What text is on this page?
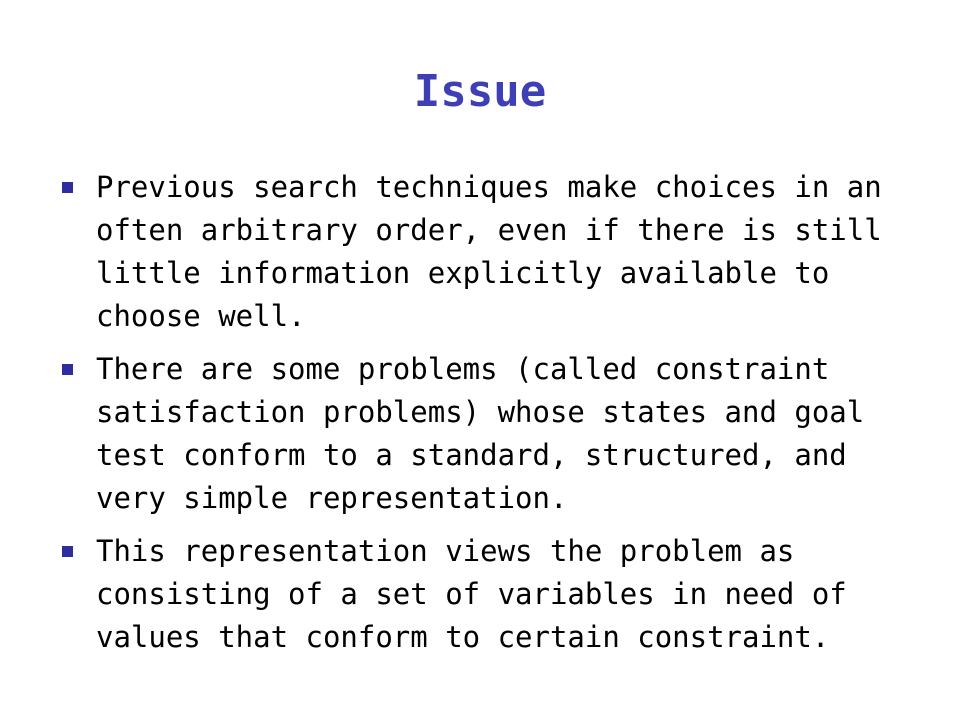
Issue
Previous search techniques make choices in an often arbitrary order, even if there is still little information explicitly available to choose well.
There are some problems (called constraint satisfaction problems) whose states and goal test conform to a standard, structured, and very simple representation.
This representation views the problem as consisting of a set of variables in need of values that conform to certain constraint.
